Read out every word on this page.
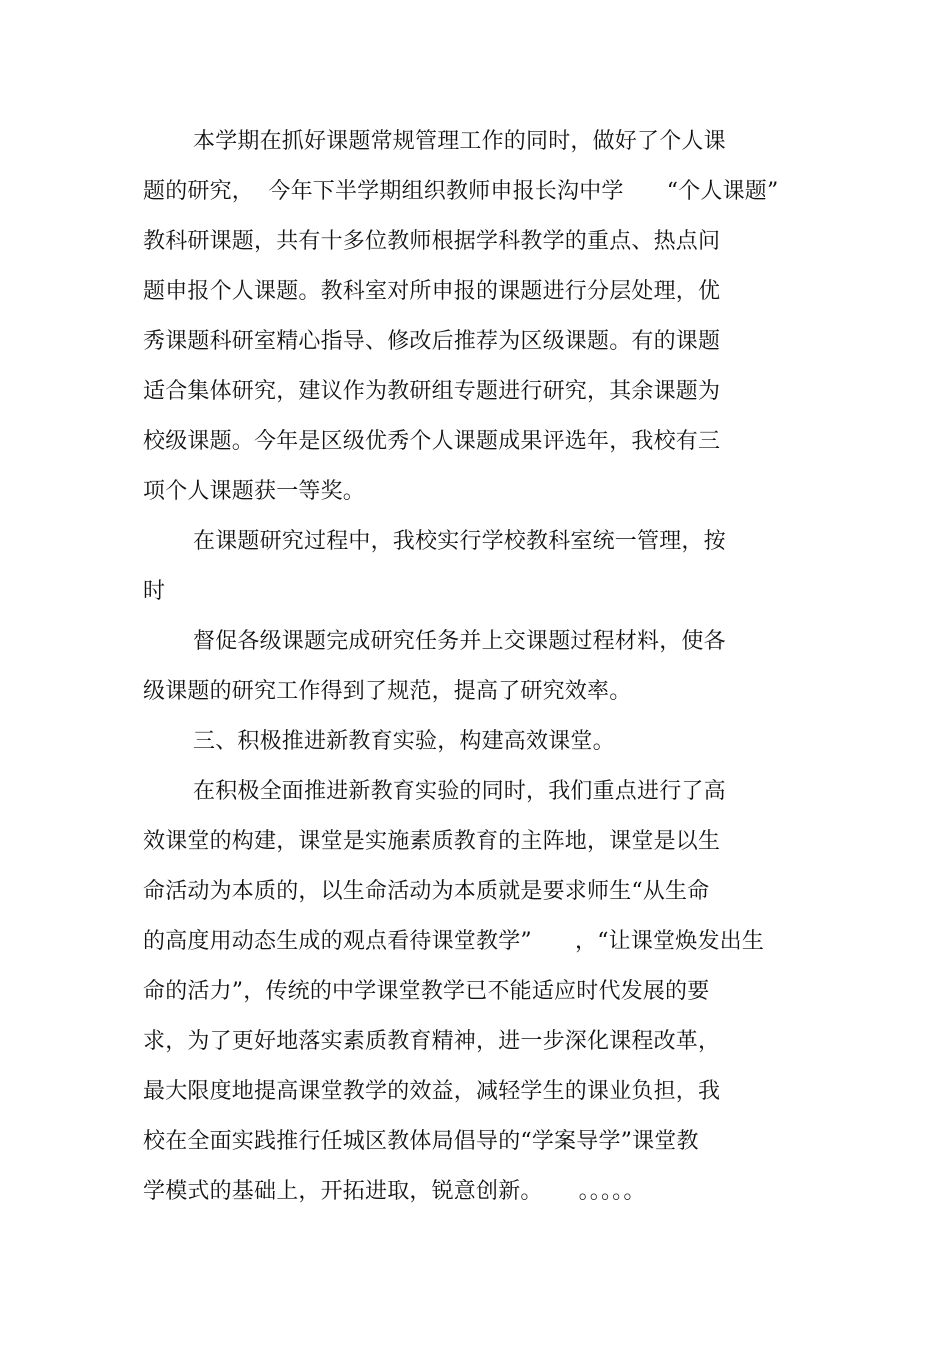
本学期在抓好课题常规管理工作的同时，做好了个人课
题的研究，  今年下半学期组织教师申报长沟中学      “个人课题”
教科研课题，共有十多位教师根据学科教学的重点、热点问
题申报个人课题。教科室对所申报的课题进行分层处理，优
秀课题科研室精心指导、修改后推荐为区级课题。有的课题
适合集体研究，建议作为教研组专题进行研究，其余课题为
校级课题。今年是区级优秀个人课题成果评选年，我校有三
项个人课题获一等奖。
在课题研究过程中，我校实行学校教科室统一管理，按
时
督促各级课题完成研究任务并上交课题过程材料，使各
级课题的研究工作得到了规范，提高了研究效率。
三、积极推进新教育实验，构建高效课堂。
在积极全面推进新教育实验的同时，我们重点进行了高
效课堂的构建，课堂是实施素质教育的主阵地，课堂是以生
命活动为本质的，以生命活动为本质就是要求师生“从生命
的高度用动态生成的观点看待课堂教学”      ，“让课堂焕发出生
命的活力”，传统的中学课堂教学已不能适应时代发展的要
求，为了更好地落实素质教育精神，进一步深化课程改革，
最大限度地提高课堂教学的效益，减轻学生的课业负担，我
校在全面实践推行任城区教体局倡导的“学案导学”课堂教
学模式的基础上，开拓进取，锐意创新。     。。。。。
